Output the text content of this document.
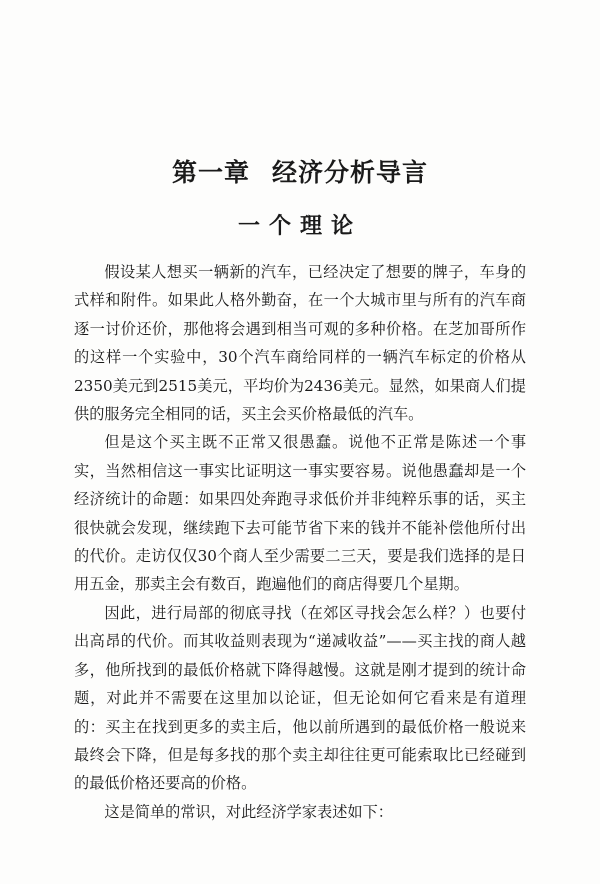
第一章 经济分析导言
一个理论

假设某人想买一辆新的汽车，已经决定了想要的牌子，车身的式样和附件。如果此人格外勤奋，在一个大城市里与所有的汽车商逐一讨价还价，那他将会遇到相当可观的多种价格。在芝加哥所作的这样一个实验中，30个汽车商给同样的一辆汽车标定的价格从2350美元到2515美元，平均价为2436美元。显然，如果商人们提供的服务完全相同的话，买主会买价格最低的汽车。

但是这个买主既不正常又很愚蠢。说他不正常是陈述一个事实，当然相信这一事实比证明这一事实要容易。说他愚蠢却是一个经济统计的命题：如果四处奔跑寻求低价并非纯粹乐事的话，买主很快就会发现，继续跑下去可能节省下来的钱并不能补偿他所付出的代价。走访仅仅30个商人至少需要二三天，要是我们选择的是日用五金，那卖主会有数百，跑遍他们的商店得要几个星期。

因此，进行局部的彻底寻找（在郊区寻找会怎么样？）也要付出高昂的代价。而其收益则表现为“递减收益”——买主找的商人越多，他所找到的最低价格就下降得越慢。这就是刚才提到的统计命题，对此并不需要在这里加以论证，但无论如何它看来是有道理的：买主在找到更多的卖主后，他以前所遇到的最低价格一般说来最终会下降，但是每多找的那个卖主却往往更可能索取比已经碰到的最低价格还要高的价格。

这是简单的常识，对此经济学家表述如下：
